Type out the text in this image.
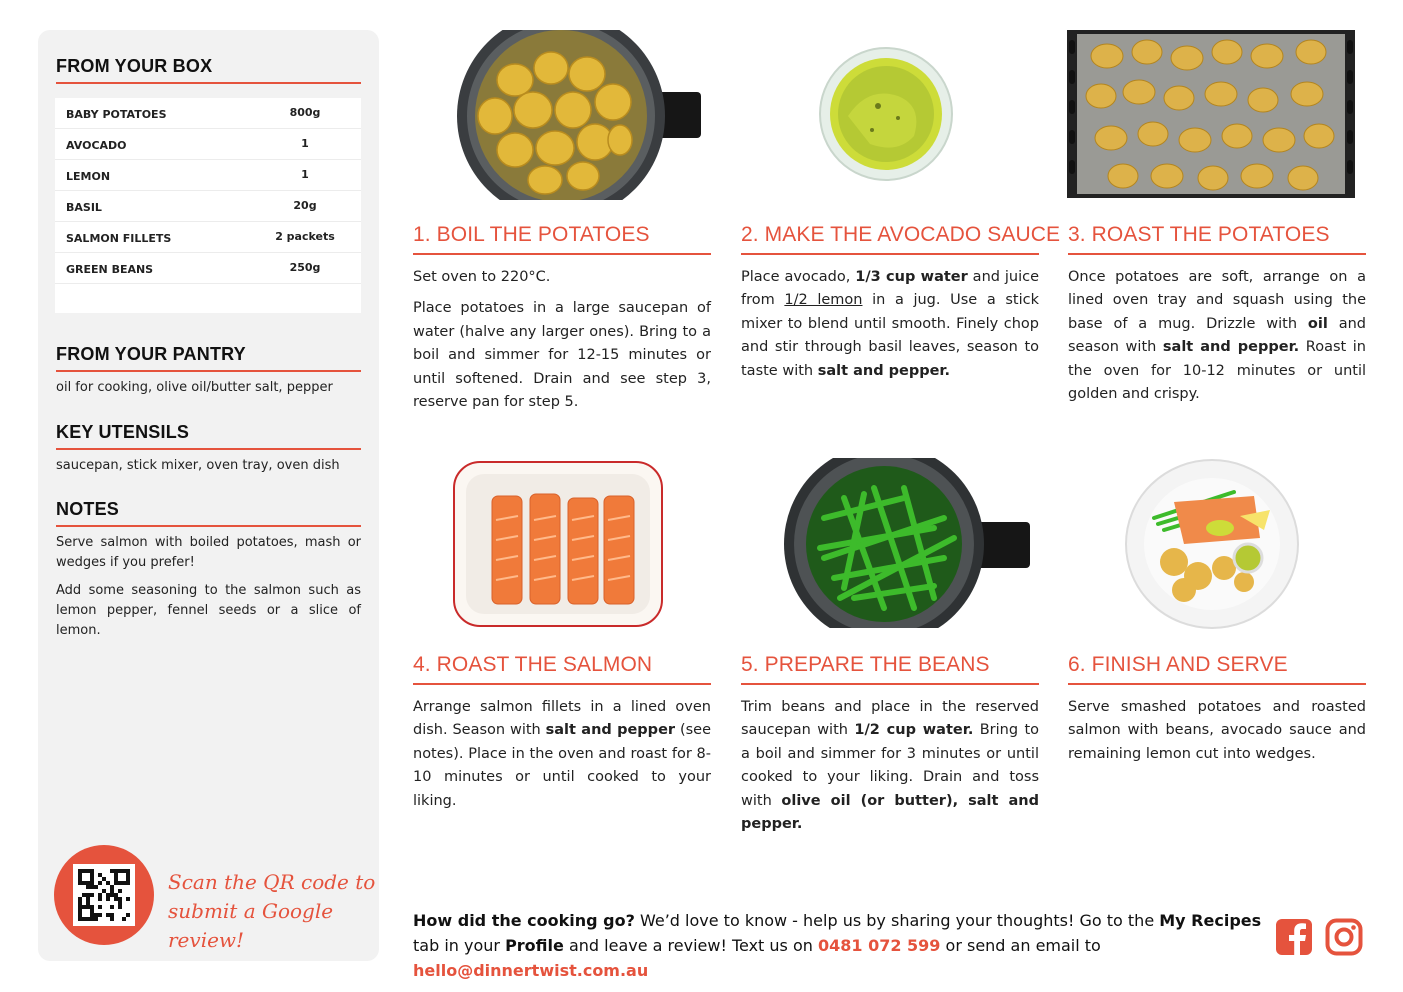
FROM YOUR BOX
BABY POTATOES	800g
AVOCADO	1
LEMON	1
BASIL	20g
SALMON FILLETS	2 packets
GREEN BEANS	250g
FROM YOUR PANTRY
oil for cooking, olive oil/butter salt, pepper
KEY UTENSILS
saucepan, stick mixer, oven tray, oven dish
NOTES
Serve salmon with boiled potatoes, mash or wedges if you prefer!
Add some seasoning to the salmon such as lemon pepper, fennel seeds or a slice of lemon.
Scan the QR code to
submit a Google review!
1. BOIL THE POTATOES

Set oven to 220°C.

Place potatoes in a large saucepan of water (halve any larger ones). Bring to a boil and simmer for 12-15 minutes or until softened. Drain and see step 3, reserve pan for step 5.

2. MAKE THE AVOCADO SAUCE

Place avocado, 1/3 cup water and juice from 1/2 lemon in a jug. Use a stick mixer to blend until smooth. Finely chop and stir through basil leaves, season to taste with salt and pepper.

3. ROAST THE POTATOES

Once potatoes are soft, arrange on a lined oven tray and squash using the base of a mug. Drizzle with oil and season with salt and pepper. Roast in the oven for 10-12 minutes or until golden and crispy.

4. ROAST THE SALMON

Arrange salmon fillets in a lined oven dish. Season with salt and pepper (see notes). Place in the oven and roast for 8-10 minutes or until cooked to your liking.

5. PREPARE THE BEANS

Trim beans and place in the reserved saucepan with 1/2 cup water. Bring to a boil and simmer for 3 minutes or until cooked to your liking. Drain and toss with olive oil (or butter), salt and pepper.

6. FINISH AND SERVE

Serve smashed potatoes and roasted salmon with beans, avocado sauce and remaining lemon cut into wedges.

How did the cooking go? We’d love to know - help us by sharing your thoughts! Go to the My Recipes tab in your Profile and leave a review! Text us on 0481 072 599 or send an email to hello@dinnertwist.com.au
